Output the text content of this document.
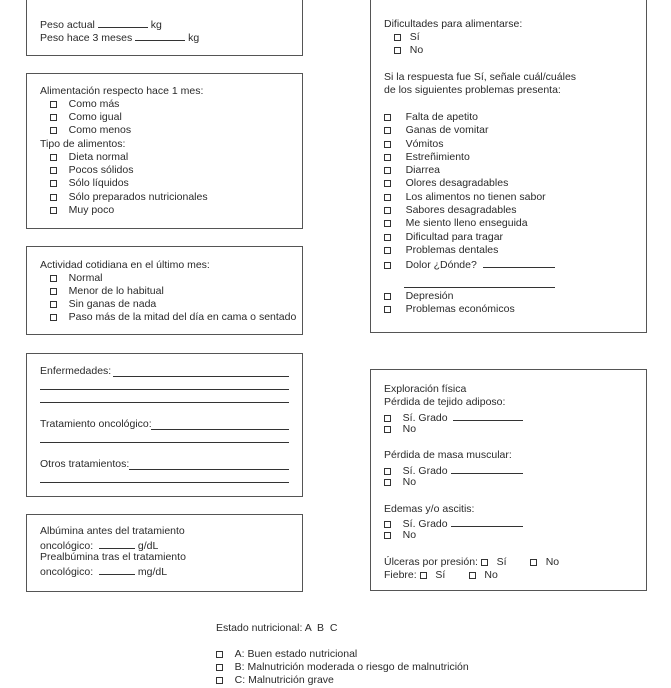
Peso actual	kg
Peso hace 3 meses	kg
Alimentación respecto hace 1 mes:
Como más
Como igual
Como menos
Tipo de alimentos:
Dieta normal
Pocos sólidos
Sólo líquidos
Sólo preparados nutricionales
Muy poco
Actividad cotidiana en el último mes:
Normal
Menor de lo habitual
Sin ganas de nada
Paso más de la mitad del día en cama o sentado
Enfermedades:
Tratamiento oncológico:
Otros tratamientos:
Albúmina antes del tratamiento
oncológico:	g/dL
Prealbúmina tras el tratamiento
oncológico:	mg/dL
Dificultades para alimentarse:
Sí
No
Si la respuesta fue Sí, señale cuál/cuáles
de los siguientes problemas presenta:
Falta de apetito
Ganas de vomitar
Vómitos
Estreñimiento
Diarrea
Olores desagradables
Los alimentos no tienen sabor
Sabores desagradables
Me siento lleno enseguida
Dificultad para tragar
Problemas dentales
Dolor ¿Dónde?
Depresión
Problemas económicos
Exploración física
Pérdida de tejido adiposo:
Sí. Grado
No
Pérdida de masa muscular:
Sí. Grado
No
Edemas y/o ascitis:
Sí. Grado
No
Úlceras por presión: Sí	No
Fiebre: Sí	No
Estado nutricional: A  B  C
A: Buen estado nutricional
B: Malnutrición moderada o riesgo de malnutrición
C: Malnutrición grave
